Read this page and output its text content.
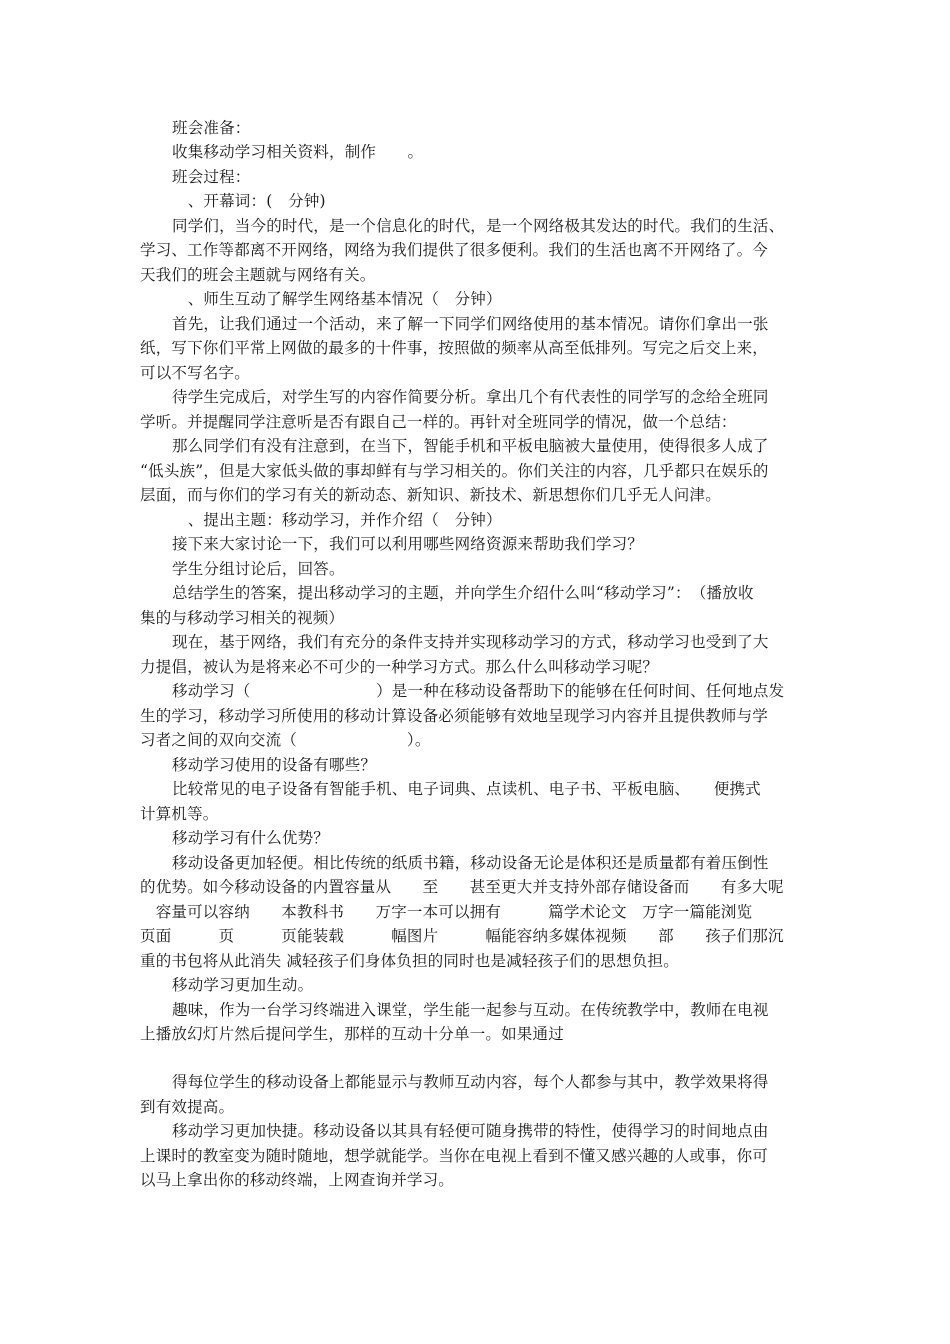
班会准备：
收集移动学习相关资料，制作　　。
班会过程：
　、开幕词：(　分钟)
同学们，当今的时代，是一个信息化的时代，是一个网络极其发达的时代。我们的生活、
学习、工作等都离不开网络，网络为我们提供了很多便利。我们的生活也离不开网络了。今
天我们的班会主题就与网络有关。
　、师生互动了解学生网络基本情况（　分钟）
首先，让我们通过一个活动，来了解一下同学们网络使用的基本情况。请你们拿出一张
纸，写下你们平常上网做的最多的十件事，按照做的频率从高至低排列。写完之后交上来，
可以不写名字。
待学生完成后，对学生写的内容作简要分析。拿出几个有代表性的同学写的念给全班同
学听。并提醒同学注意听是否有跟自己一样的。再针对全班同学的情况，做一个总结：
那么同学们有没有注意到，在当下，智能手机和平板电脑被大量使用，使得很多人成了
“低头族”，但是大家低头做的事却鲜有与学习相关的。你们关注的内容，几乎都只在娱乐的
层面，而与你们的学习有关的新动态、新知识、新技术、新思想你们几乎无人问津。
　、提出主题：移动学习，并作介绍（　分钟）
接下来大家讨论一下，我们可以利用哪些网络资源来帮助我们学习？
学生分组讨论后，回答。
总结学生的答案，提出移动学习的主题，并向学生介绍什么叫“移动学习”：　（播放收
集的与移动学习相关的视频）
现在，基于网络，我们有充分的条件支持并实现移动学习的方式，移动学习也受到了大
力提倡，被认为是将来必不可少的一种学习方式。那么什么叫移动学习呢？
移动学习（　　　　　　　　）是一种在移动设备帮助下的能够在任何时间、任何地点发
生的学习，移动学习所使用的移动计算设备必须能够有效地呈现学习内容并且提供教师与学
习者之间的双向交流（　　　　　　　）。
移动学习使用的设备有哪些？
比较常见的电子设备有智能手机、电子词典、点读机、电子书、平板电脑、　　便携式
计算机等。
移动学习有什么优势？
移动设备更加轻便。相比传统的纸质书籍，移动设备无论是体积还是质量都有着压倒性
的优势。如今移动设备的内置容量从　　至　　甚至更大并支持外部存储设备而　　有多大呢
　容量可以容纳　　本教科书　　万字一本可以拥有　　　篇学术论文　万字一篇能浏览
页面　　　页　　　页能装载　　　幅图片　　　幅能容纳多媒体视频　　部　　孩子们那沉
重的书包将从此消失 减轻孩子们身体负担的同时也是减轻孩子们的思想负担。
移动学习更加生动。
趣味，作为一台学习终端进入课堂，学生能一起参与互动。在传统教学中，教师在电视
上播放幻灯片然后提问学生，那样的互动十分单一。如果通过
得每位学生的移动设备上都能显示与教师互动内容，每个人都参与其中，教学效果将得
到有效提高。
移动学习更加快捷。移动设备以其具有轻便可随身携带的特性，使得学习的时间地点由
上课时的教室变为随时随地，想学就能学。当你在电视上看到不懂又感兴趣的人或事，你可
以马上拿出你的移动终端，上网查询并学习。
